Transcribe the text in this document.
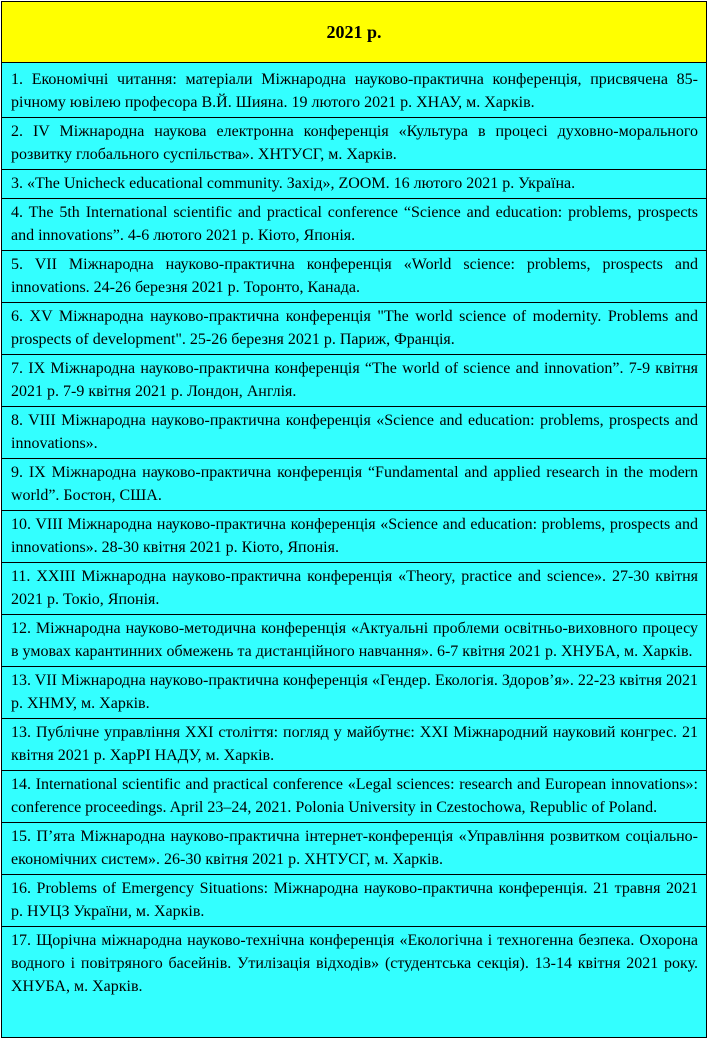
2021 р.
1. Економічні читання: матеріали Міжнародна науково-практична конференція, присвячена 85-річному ювілею професора В.Й. Шияна. 19 лютого 2021 р. ХНАУ, м. Харків.
2. IV Міжнародна наукова електронна конференція «Культура в процесі духовно-морального розвитку глобального суспільства». ХНТУСГ, м. Харків.
3. «The Unicheck educational community. Захід», ZOOM. 16 лютого 2021 р. Україна.
4. The 5th International scientific and practical conference “Science and education: problems, prospects and innovations”. 4-6 лютого 2021 р. Кіото, Японія.
5. VII Міжнародна науково-практична конференція «World science: problems, prospects and innovations. 24-26 березня 2021 р. Торонто, Канада.
6. XV Міжнародна науково-практична конференція "The world science of modernity. Problems and prospects of development". 25-26 березня 2021 р. Париж, Франція.
7. IX Міжнародна науково-практична конференція “The world of science and innovation”. 7-9 квітня 2021 р. 7-9 квітня 2021 р. Лондон, Англія.
8. VIII Міжнародна науково-практична конференція «Science and education: problems, prospects and innovations».
9. IX Міжнародна науково-практична конференція “Fundamental and applied research in the modern world”. Бостон, США.
10. VIII Міжнародна науково-практична конференція «Science and education: problems, prospects and innovations». 28-30 квітня 2021 р. Кіото, Японія.
11. XXIII Міжнародна науково-практична конференція «Theory, practice and science». 27-30 квітня 2021 р. Токіо, Японія.
12. Міжнародна науково-методична конференція «Актуальні проблеми освітньо-виховного процесу в умовах карантинних обмежень та дистанційного навчання». 6-7 квітня 2021 р. ХНУБА, м. Харків.
13. VII Міжнародна науково-практична конференція «Гендер. Екологія. Здоров’я». 22-23 квітня 2021 р. ХНМУ, м. Харків.
13. Публічне управління XXI століття: погляд у майбутнє: XXI Міжнародний науковий конгрес. 21 квітня 2021 р. ХарРІ НАДУ, м. Харків.
14. International scientific and practical conference «Legal sciences: research and European innovations»: conference proceedings. April 23–24, 2021. Polonia University in Czestochowa, Republic of Poland.
15. П’ята Міжнародна науково-практична інтернет-конференція «Управління розвитком соціально-економічних систем». 26-30 квітня 2021 р. ХНТУСГ, м. Харків.
16. Problems of Emergency Situations: Міжнародна науково-практична конференція. 21 травня 2021 р. НУЦЗ України, м. Харків.
17. Щорічна міжнародна науково-технічна конференція «Екологічна і техногенна безпека. Охорона водного і повітряного басейнів. Утилізація відходів» (студентська секція). 13-14 квітня 2021 року. ХНУБА, м. Харків.
